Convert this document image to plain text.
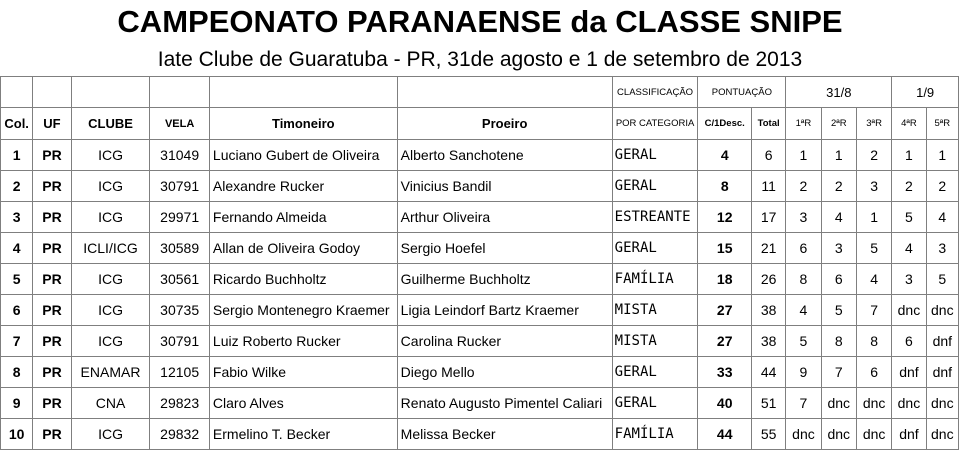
CAMPEONATO PARANAENSE da CLASSE SNIPE
Iate Clube de Guaratuba - PR, 31de agosto e 1 de setembro de 2013
						CLASSIFICAÇÃO	PONTUAÇÃO		31/8			1/9	
Col.	UF	CLUBE	VELA	Timoneiro	Proeiro	POR CATEGORIA	C/1Desc.	Total	1ªR	2ªR	3ªR	4ªR	5ªR
1	PR	ICG	31049	Luciano Gubert de Oliveira	Alberto Sanchotene	GERAL	4	6	1	1	2	1	1
2	PR	ICG	30791	Alexandre Rucker	Vinicius Bandil	GERAL	8	11	2	2	3	2	2
3	PR	ICG	29971	Fernando Almeida	Arthur Oliveira	ESTREANTE	12	17	3	4	1	5	4
4	PR	ICLI/ICG	30589	Allan de Oliveira Godoy	Sergio Hoefel	GERAL	15	21	6	3	5	4	3
5	PR	ICG	30561	Ricardo Buchholtz	Guilherme Buchholtz	FAMÍLIA	18	26	8	6	4	3	5
6	PR	ICG	30735	Sergio Montenegro Kraemer	Ligia Leindorf Bartz Kraemer	MISTA	27	38	4	5	7	dnc	dnc
7	PR	ICG	30791	Luiz Roberto Rucker	Carolina Rucker	MISTA	27	38	5	8	8	6	dnf
8	PR	ENAMAR	12105	Fabio Wilke	Diego Mello	GERAL	33	44	9	7	6	dnf	dnf
9	PR	CNA	29823	Claro Alves	Renato Augusto Pimentel Caliari	GERAL	40	51	7	dnc	dnc	dnc	dnc
10	PR	ICG	29832	Ermelino T. Becker	Melissa Becker	FAMÍLIA	44	55	dnc	dnc	dnc	dnf	dnc
